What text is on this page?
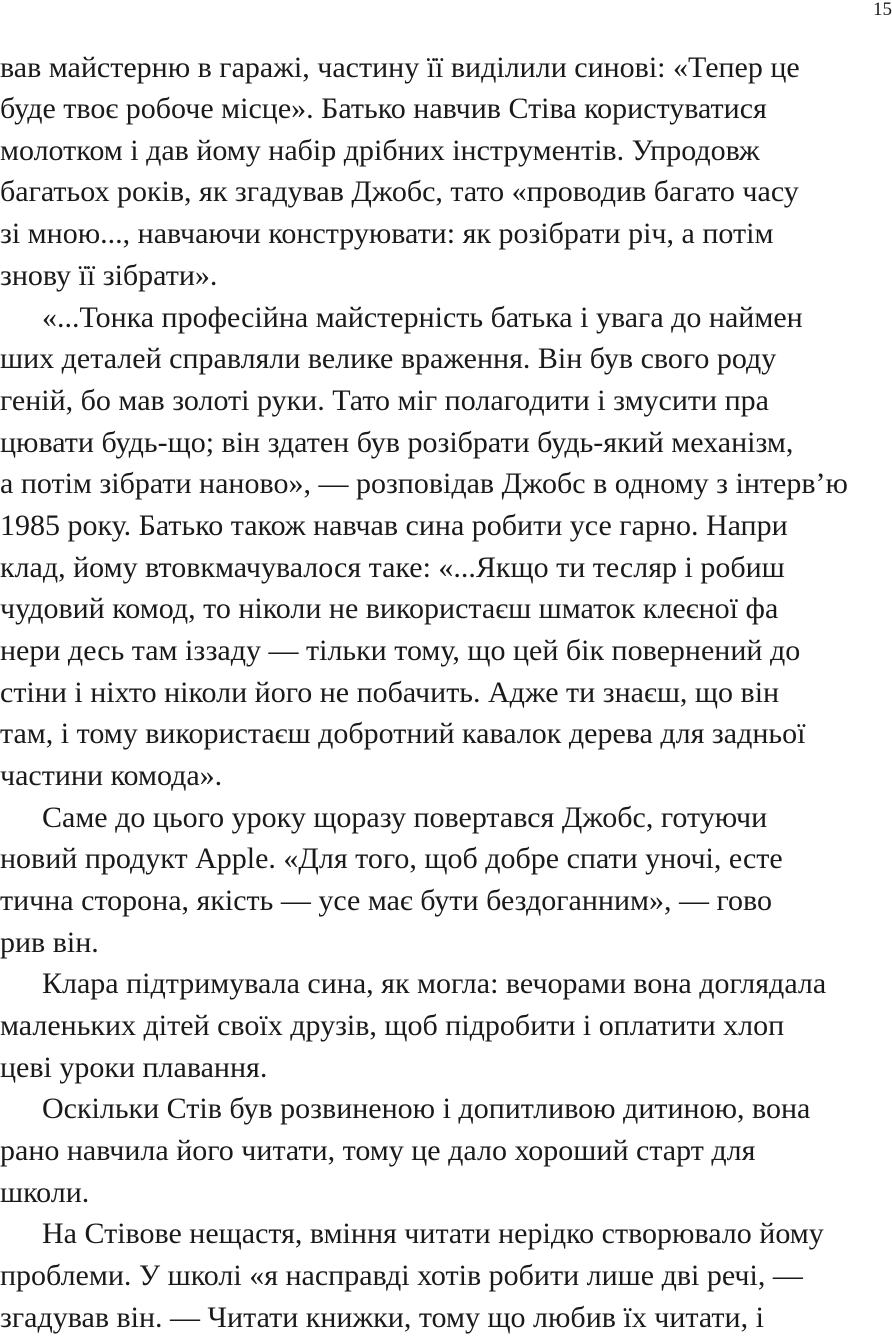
15
вав майстерню в гаражі, частину її виділили синові: «Тепер це
буде твоє робоче місце». Батько навчив Стіва користуватися
молотком і дав йому набір дрібних інструментів. Упродовж
багатьох років, як згадував Джобс, тато «проводив багато часу
зі мною..., навчаючи конструювати: як розібрати річ, а потім
знову її зібрати».
«...Тонка професійна майстерність батька і увага до наймен
ших деталей справляли велике враження. Він був свого роду
геній, бо мав золоті руки. Тато міг полагодити і змусити пра
цювати будь-що; він здатен був розібрати будь-який механізм,
а потім зібрати наново», — розповідав Джобс в одному з інтерв’ю
1985 року. Батько також навчав сина робити усе гарно. Напри
клад, йому втовкмачувалося таке: «...Якщо ти тесляр і робиш
чудовий комод, то ніколи не використаєш шматок клеєної фа
нери десь там іззаду — тільки тому, що цей бік повернений до
стіни і ніхто ніколи його не побачить. Адже ти знаєш, що він
там, і тому використаєш добротний кавалок дерева для задньої
частини комода».
Саме до цього уроку щоразу повертався Джобс, готуючи
новий продукт Apple. «Для того, щоб добре спати уночі, есте
тична сторона, якість — усе має бути бездоганним», — гово
рив він.
Клара підтримувала сина, як могла: вечорами вона доглядала
маленьких дітей своїх друзів, щоб підробити і оплатити хлоп
цеві уроки плавання.
Оскільки Стів був розвиненою і допитливою дитиною, вона
рано навчила його читати, тому це дало хороший старт для
школи.
На Стівове нещастя, вміння читати нерідко створювало йому
проблеми. У школі «я насправді хотів робити лише дві речі, —
згадував він. — Читати книжки, тому що любив їх читати, і
